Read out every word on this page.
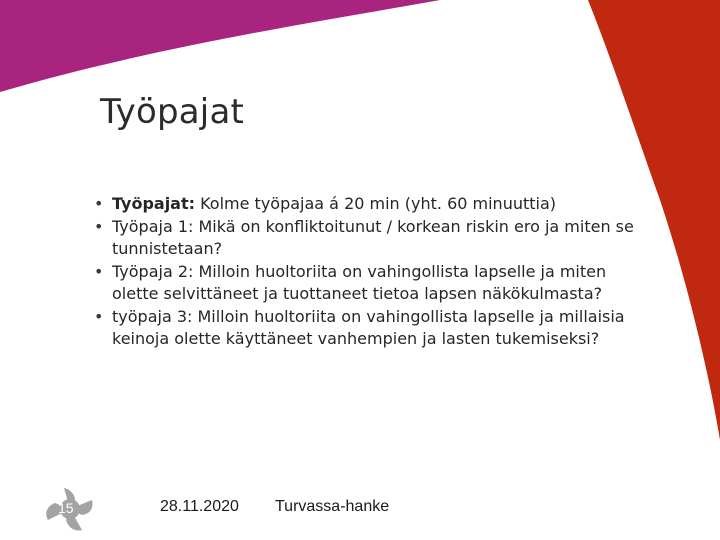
Työpajat
• Työpajat: Kolme työpajaa á 20 min (yht. 60 minuuttia)
• Työpaja 1: Mikä on konfliktoitunut / korkean riskin ero ja miten se tunnistetaan?
• Työpaja 2: Milloin huoltoriita on vahingollista lapselle ja miten olette selvittäneet ja tuottaneet tietoa lapsen näkökulmasta?
• työpaja 3: Milloin huoltoriita on vahingollista lapselle ja millaisia keinoja olette käyttäneet vanhempien ja lasten tukemiseksi?
15	28.11.2020 Turvassa-hanke
